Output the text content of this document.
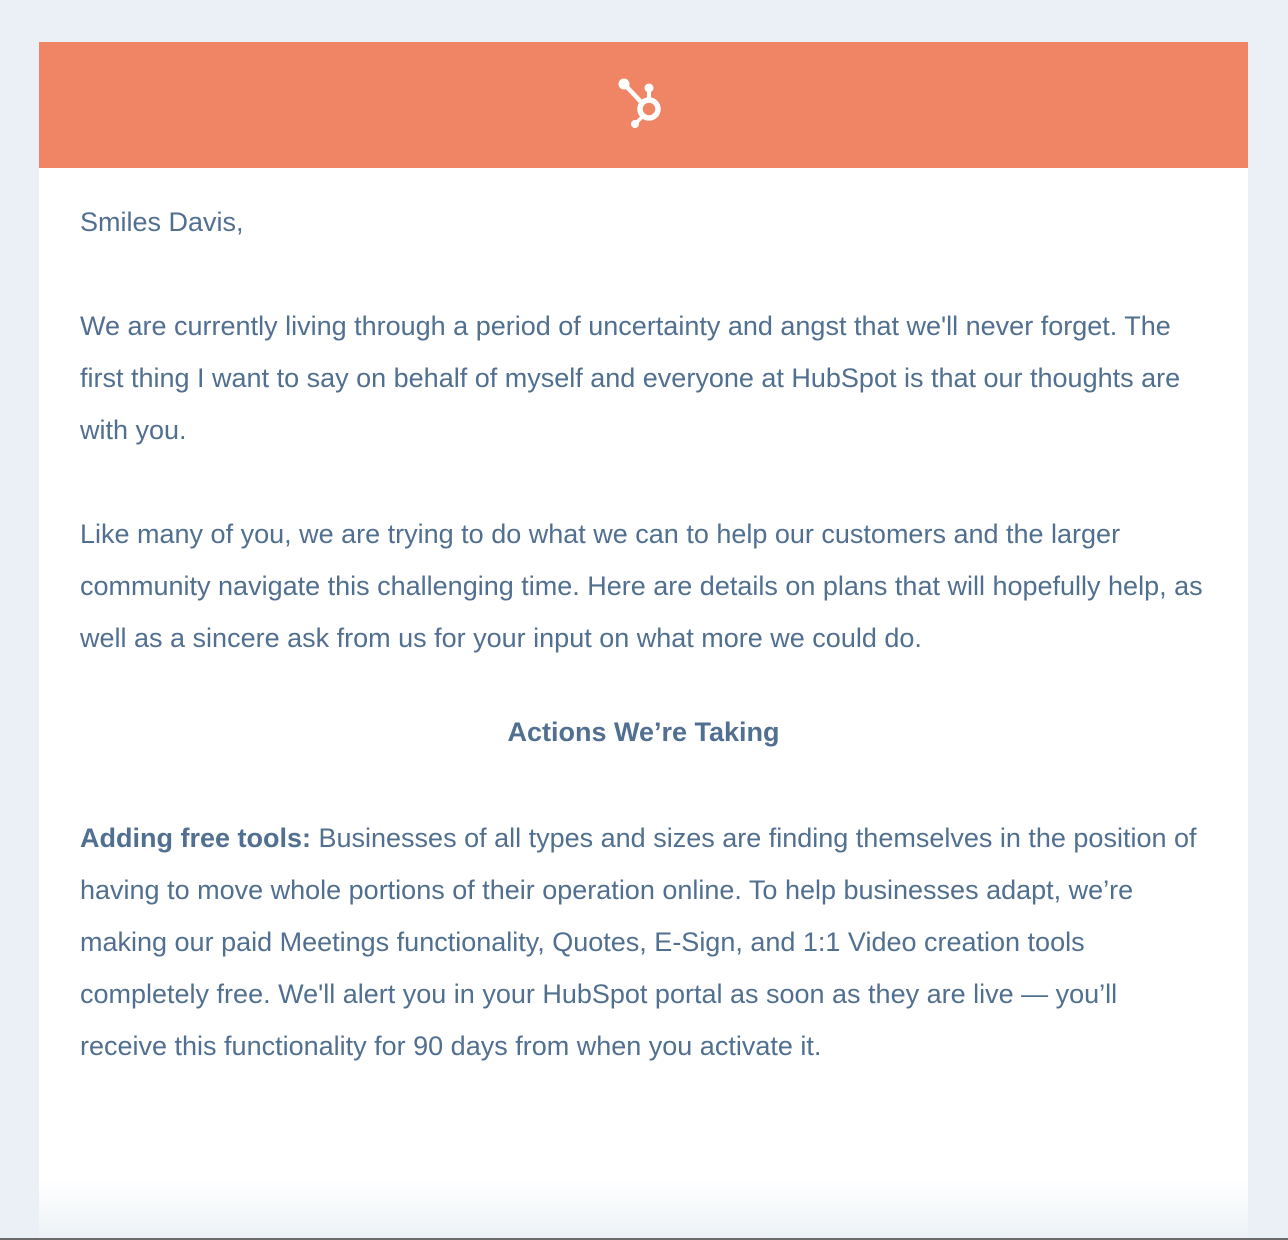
Smiles Davis,

We are currently living through a period of uncertainty and angst that we'll never forget. The first thing I want to say on behalf of myself and everyone at HubSpot is that our thoughts are with you.

Like many of you, we are trying to do what we can to help our customers and the larger community navigate this challenging time. Here are details on plans that will hopefully help, as well as a sincere ask from us for your input on what more we could do.

Actions We’re Taking

Adding free tools: Businesses of all types and sizes are finding themselves in the position of having to move whole portions of their operation online. To help businesses adapt, we’re making our paid Meetings functionality, Quotes, E-Sign, and 1:1 Video creation tools completely free. We'll alert you in your HubSpot portal as soon as they are live — you’ll receive this functionality for 90 days from when you activate it.
